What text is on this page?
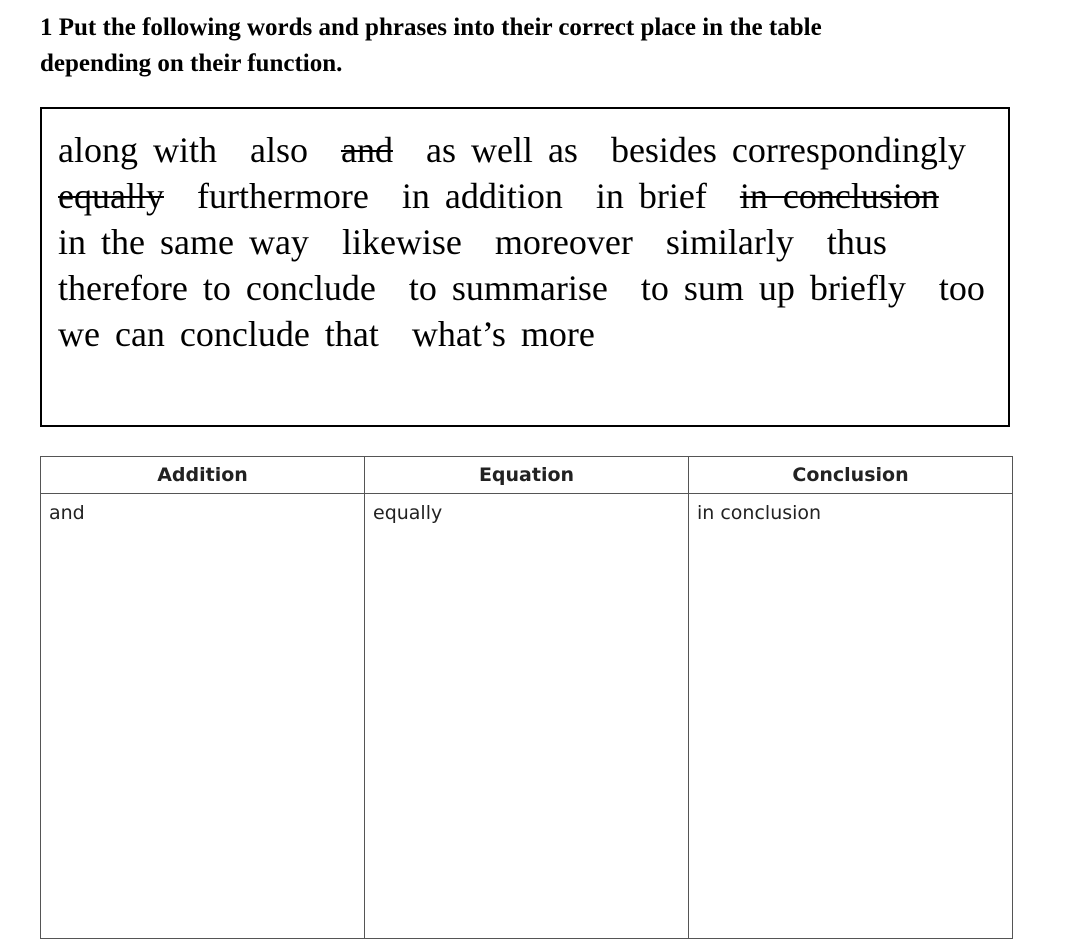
1 Put the following words and phrases into their correct place in the table
depending on their function.
along with also and as well as besides correspondingly equally furthermore in addition in brief in conclusion in the same way likewise moreover similarly thus therefore to conclude to summarise to sum up briefly too we can conclude that what’s more
Addition	Equation	Conclusion
and	equally	in conclusion
